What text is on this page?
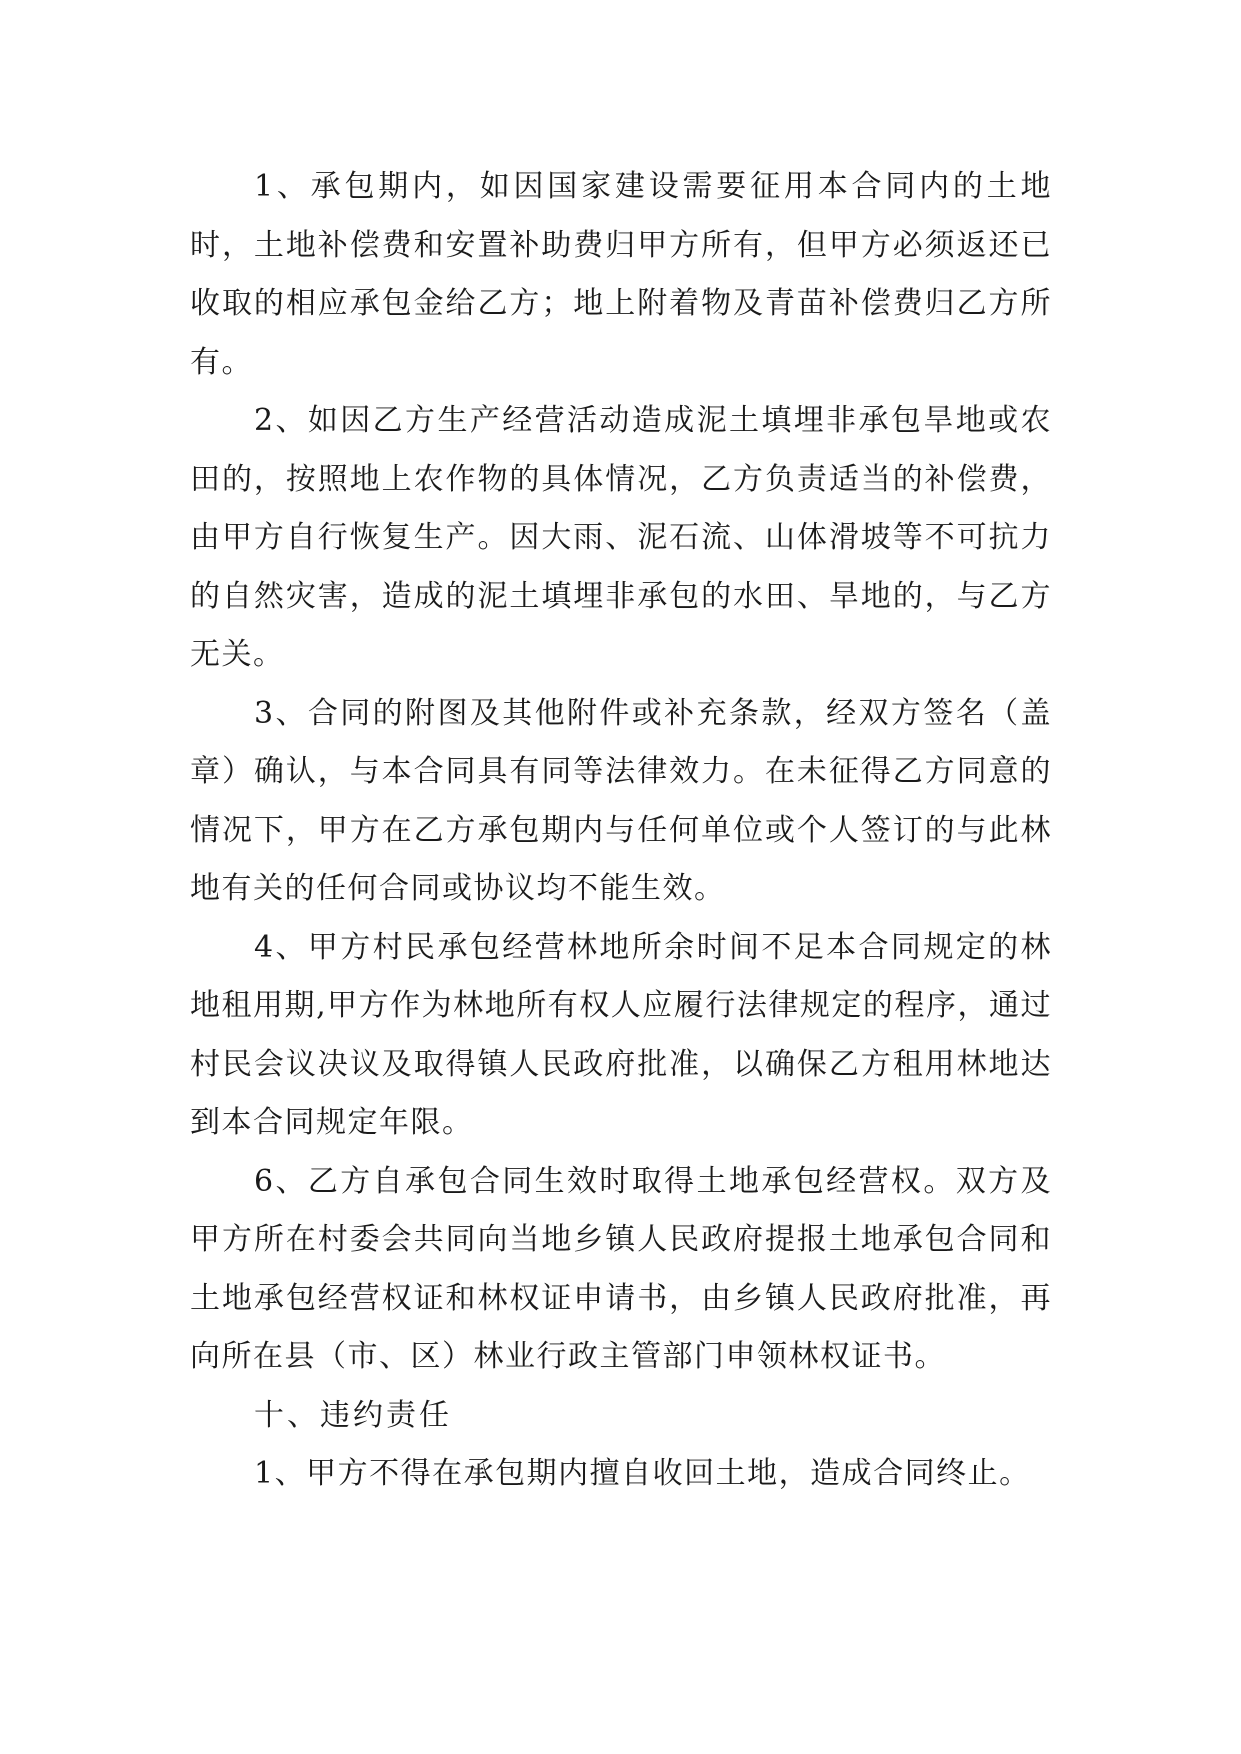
1、承包期内，如因国家建设需要征用本合同内的土地时，土地补偿费和安置补助费归甲方所有，但甲方必须返还已收取的相应承包金给乙方；地上附着物及青苗补偿费归乙方所有。

2、如因乙方生产经营活动造成泥土填埋非承包旱地或农田的，按照地上农作物的具体情况，乙方负责适当的补偿费，由甲方自行恢复生产。因大雨、泥石流、山体滑坡等不可抗力的自然灾害，造成的泥土填埋非承包的水田、旱地的，与乙方无关。

3、合同的附图及其他附件或补充条款，经双方签名（盖章）确认，与本合同具有同等法律效力。在未征得乙方同意的情况下，甲方在乙方承包期内与任何单位或个人签订的与此林地有关的任何合同或协议均不能生效。

4、甲方村民承包经营林地所余时间不足本合同规定的林地租用期,甲方作为林地所有权人应履行法律规定的程序，通过村民会议决议及取得镇人民政府批准，以确保乙方租用林地达到本合同规定年限。

6、乙方自承包合同生效时取得土地承包经营权。双方及甲方所在村委会共同向当地乡镇人民政府提报土地承包合同和土地承包经营权证和林权证申请书，由乡镇人民政府批准，再向所在县（市、区）林业行政主管部门申领林权证书。

十、违约责任

1、甲方不得在承包期内擅自收回土地，造成合同终止。
